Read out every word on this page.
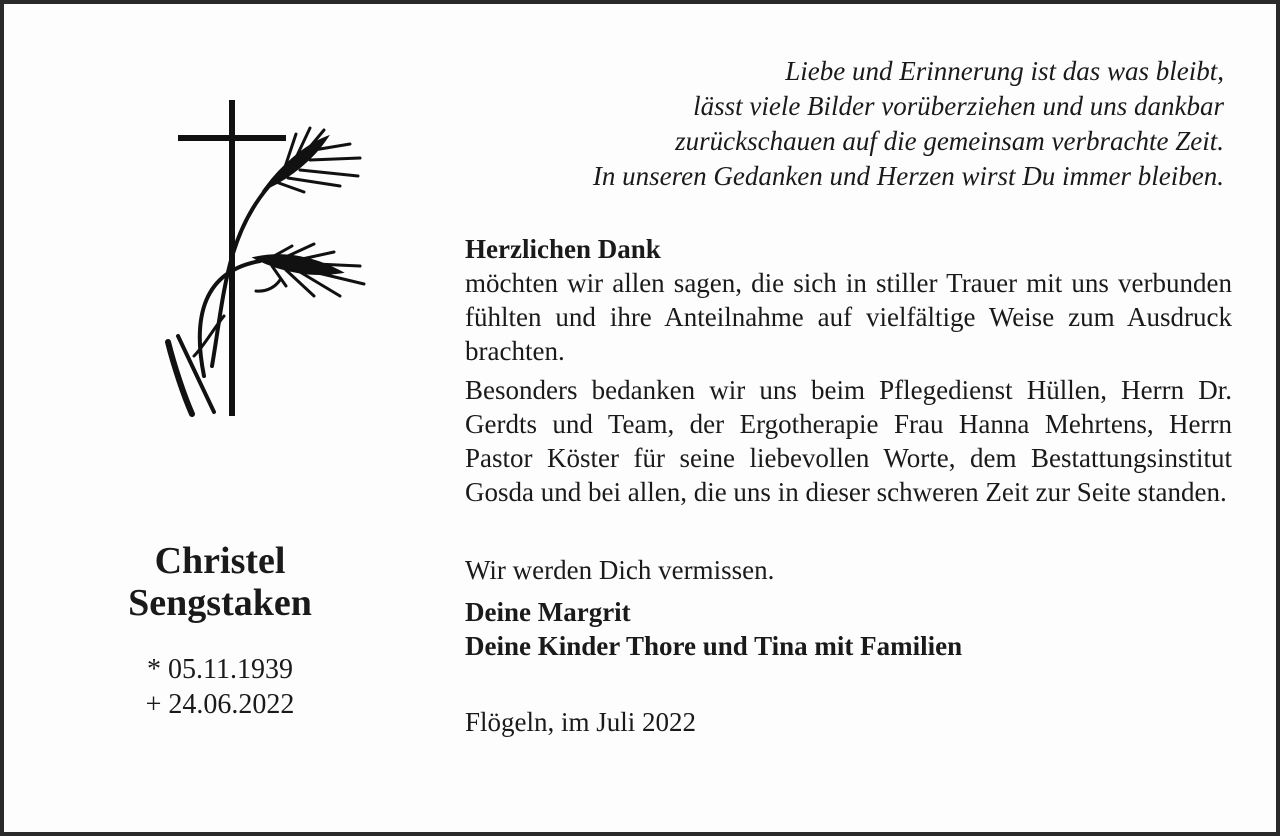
Christel
Sengstaken
* 05.11.1939
+ 24.06.2022
Liebe und Erinnerung ist das was bleibt,
lässt viele Bilder vorüberziehen und uns dankbar
zurückschauen auf die gemeinsam verbrachte Zeit.
In unseren Gedanken und Herzen wirst Du immer bleiben.
Herzlichen Dank
möchten wir allen sagen, die sich in stiller Trauer mit uns verbunden fühlten und ihre Anteilnahme auf vielfältige Weise zum Ausdruck brachten.
Besonders bedanken wir uns beim Pflegedienst Hüllen, Herrn Dr. Gerdts und Team, der Ergotherapie Frau Hanna Mehrtens, Herrn Pastor Köster für seine liebevollen Worte, dem Bestattungsinstitut Gosda und bei allen, die uns in dieser schweren Zeit zur Seite standen.
Wir werden Dich vermissen.
Deine Margrit
Deine Kinder Thore und Tina mit Familien
Flögeln, im Juli 2022
